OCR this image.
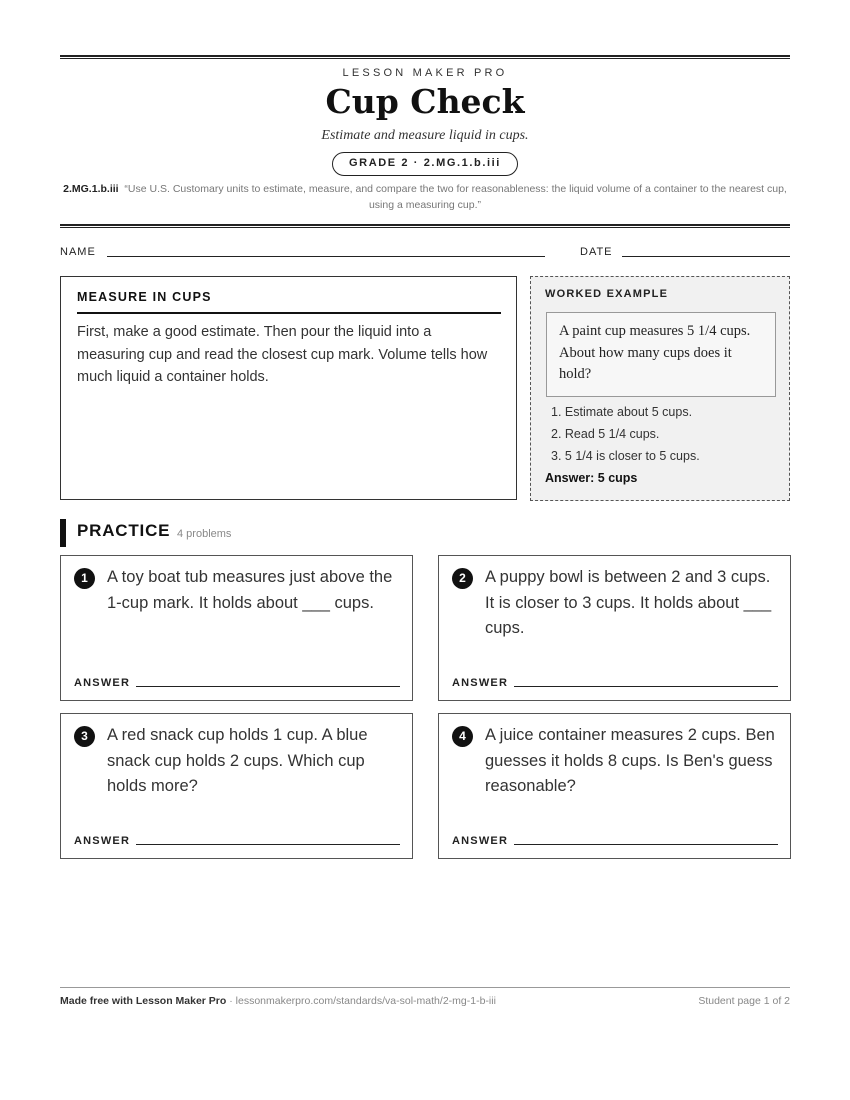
LESSON MAKER PRO
Cup Check
Estimate and measure liquid in cups.
GRADE 2 · 2.MG.1.b.iii
2.MG.1.b.iii “Use U.S. Customary units to estimate, measure, and compare the two for reasonableness: the liquid volume of a container to the nearest cup, using a measuring cup.”
NAME	DATE
MEASURE IN CUPS
First, make a good estimate. Then pour the liquid into a measuring cup and read the closest cup mark. Volume tells how much liquid a container holds.
WORKED EXAMPLE
A paint cup measures 5 1/4 cups. About how many cups does it hold?
1. Estimate about 5 cups.
2. Read 5 1/4 cups.
3. 5 1/4 is closer to 5 cups.
Answer: 5 cups
PRACTICE 4 problems
1	A toy boat tub measures just above the 1-cup mark. It holds about ___ cups.
ANSWER
2	A puppy bowl is between 2 and 3 cups. It is closer to 3 cups. It holds about ___ cups.
ANSWER
3	A red snack cup holds 1 cup. A blue snack cup holds 2 cups. Which cup holds more?
ANSWER
4	A juice container measures 2 cups. Ben guesses it holds 8 cups. Is Ben's guess reasonable?
ANSWER
Made free with Lesson Maker Pro · lessonmakerpro.com/standards/va-sol-math/2-mg-1-b-iii	Student page 1 of 2
